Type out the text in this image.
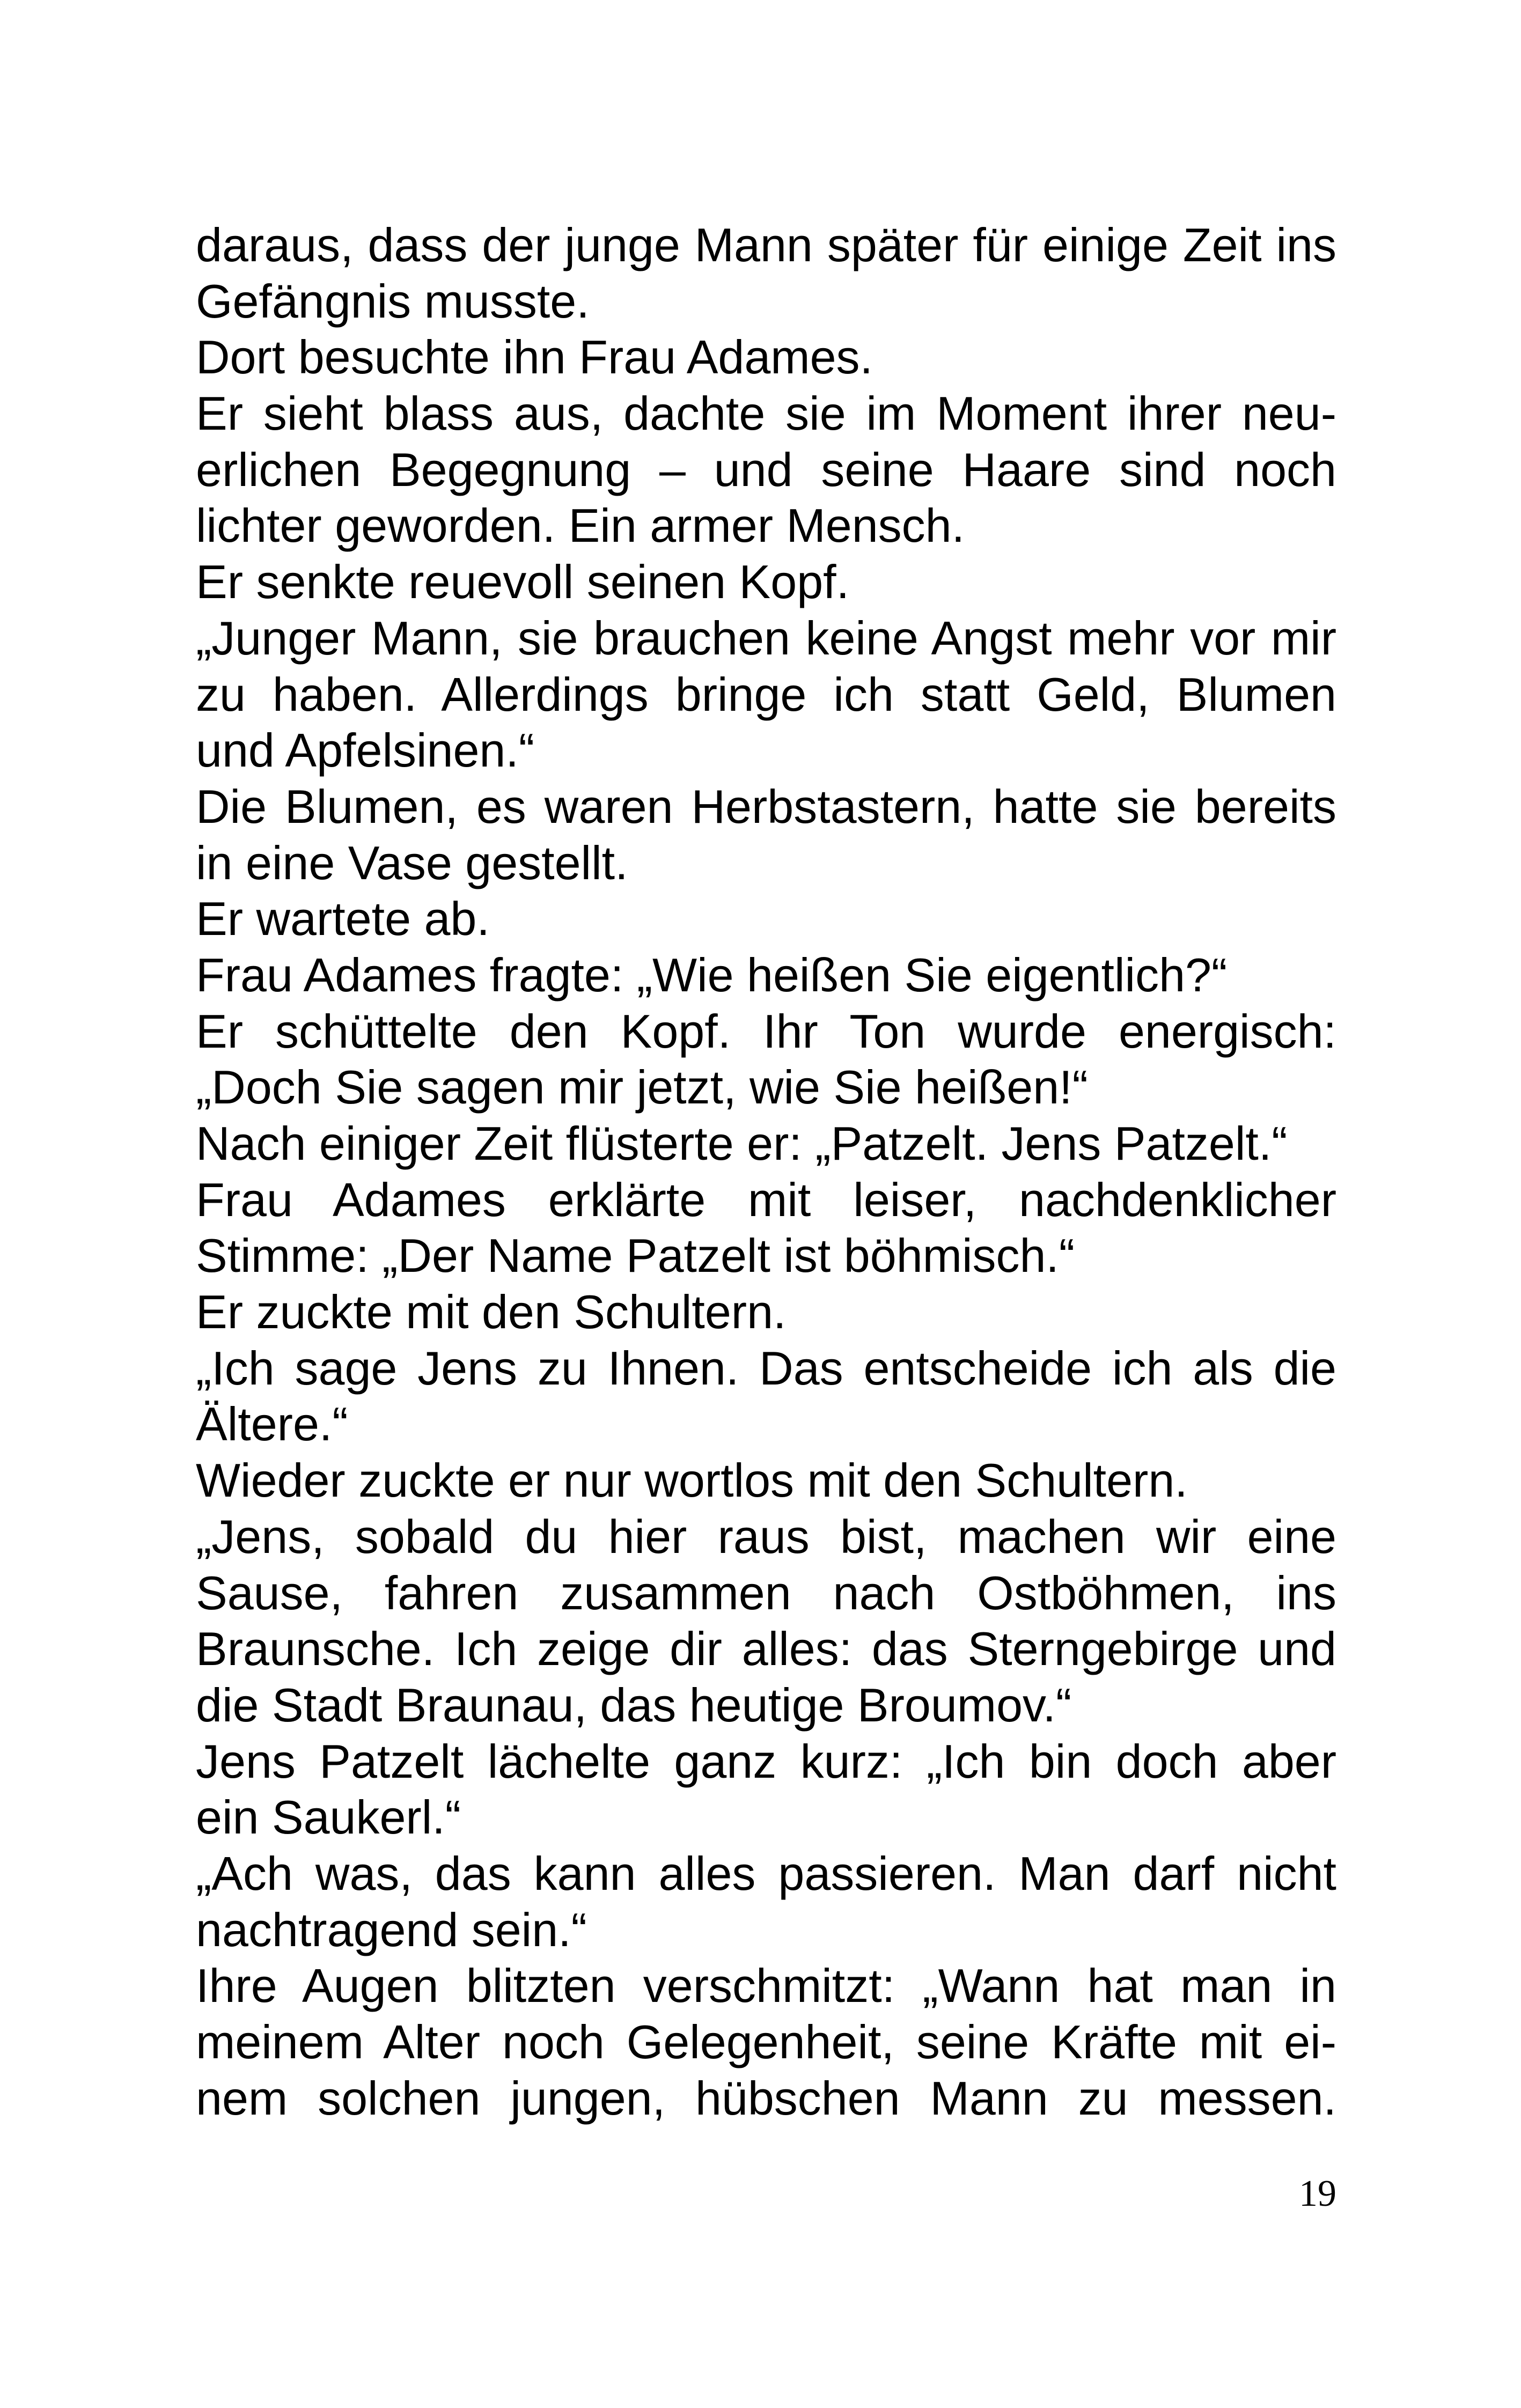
daraus, dass der junge Mann später für einige Zeit ins
Gefängnis musste.
Dort besuchte ihn Frau Adames.
Er sieht blass aus, dachte sie im Moment ihrer neu-
erlichen Begegnung – und seine Haare sind noch
lichter geworden. Ein armer Mensch.
Er senkte reuevoll seinen Kopf.
„Junger Mann, sie brauchen keine Angst mehr vor mir
zu haben. Allerdings bringe ich statt Geld, Blumen
und Apfelsinen.“
Die Blumen, es waren Herbstastern, hatte sie bereits
in eine Vase gestellt.
Er wartete ab.
Frau Adames fragte: „Wie heißen Sie eigentlich?“
Er schüttelte den Kopf. Ihr Ton wurde energisch:
„Doch Sie sagen mir jetzt, wie Sie heißen!“
Nach einiger Zeit flüsterte er: „Patzelt. Jens Patzelt.“
Frau Adames erklärte mit leiser, nachdenklicher
Stimme: „Der Name Patzelt ist böhmisch.“
Er zuckte mit den Schultern.
„Ich sage Jens zu Ihnen. Das entscheide ich als die
Ältere.“
Wieder zuckte er nur wortlos mit den Schultern.
„Jens, sobald du hier raus bist, machen wir eine
Sause, fahren zusammen nach Ostböhmen, ins
Braunsche. Ich zeige dir alles: das Sterngebirge und
die Stadt Braunau, das heutige Broumov.“
Jens Patzelt lächelte ganz kurz: „Ich bin doch aber
ein Saukerl.“
„Ach was, das kann alles passieren. Man darf nicht
nachtragend sein.“
Ihre Augen blitzten verschmitzt: „Wann hat man in
meinem Alter noch Gelegenheit, seine Kräfte mit ei-
nem solchen jungen, hübschen Mann zu messen.
19
